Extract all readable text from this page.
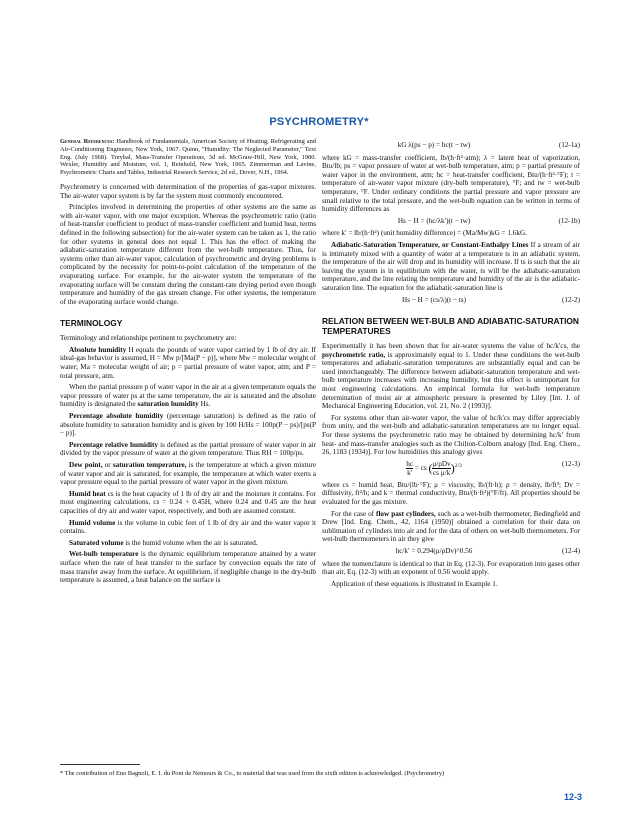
PSYCHROMETRY*

General References: Handbook of Fundamentals, American Society of Heating, Refrigerating and Air-Conditioning Engineers, New York, 1967. Quinn, "Humidity: The Neglected Parameter," Text Eng. (July 1968). Treybal, Mass-Transfer Operations, 3d ed. McGraw-Hill, New York, 1980. Wexler, Humidity and Moisture, vol. 1, Reinhold, New York, 1965. Zimmerman and Lavine, Psychrometric Charts and Tables, Industrial Research Service, 2d ed., Dover, N.H., 1964.

Psychrometry is concerned with determination of the properties of gas-vapor mixtures. The air-water vapor system is by far the system most commonly encountered.

Principles involved in determining the properties of other systems are the same as with air-water vapor, with one major exception. Whereas the psychrometric ratio (ratio of heat-transfer coefficient to product of mass-transfer coefficient and humid heat, terms defined in the following subsection) for the air-water system can be taken as 1, the ratio for other systems in general does not equal 1. This has the effect of making the adiabatic-saturation temperature different from the wet-bulb temperature. Thus, for systems other than air-water vapor, calculation of psychrometric and drying problems is complicated by the necessity for point-to-point calculation of the temperature of the evaporating surface. For example, for the air-water system the temperature of the evaporating surface will be constant during the constant-rate drying period even though temperature and humidity of the gas stream change. For other systems, the temperature of the evaporating surface would change.

TERMINOLOGY

Terminology and relationships pertinent to psychrometry are:

Absolute humidity H equals the pounds of water vapor carried by 1 lb of dry air. If ideal-gas behavior is assumed, H = Mw p/[Ma(P − p)], where Mw = molecular weight of water; Ma = molecular weight of air; p = partial pressure of water vapor, atm; and P = total pressure, atm.

When the partial pressure p of water vapor in the air at a given temperature equals the vapor pressure of water ps at the same temperature, the air is saturated and the absolute humidity is designated the saturation humidity Hs.

Percentage absolute humidity (percentage saturation) is defined as the ratio of absolute humidity to saturation humidity and is given by 100 H/Hs = 100p(P − ps)/[ps(P − p)].

Percentage relative humidity is defined as the partial pressure of water vapor in air divided by the vapor pressure of water at the given temperature. Thus RH = 100p/ps.

Dew point, or saturation temperature, is the temperature at which a given mixture of water vapor and air is saturated, for example, the temperature at which water exerts a vapor pressure equal to the partial pressure of water vapor in the given mixture.

Humid heat cs is the heat capacity of 1 lb of dry air and the moisture it contains. For most engineering calculations, cs = 0.24 + 0.45H, where 0.24 and 0.45 are the heat capacities of dry air and water vapor, respectively, and both are assumed constant.

Humid volume is the volume in cubic feet of 1 lb of dry air and the water vapor it contains.

Saturated volume is the humid volume when the air is saturated.

Wet-bulb temperature is the dynamic equilibrium temperature attained by a water surface when the rate of heat transfer to the surface by convection equals the rate of mass transfer away from the surface. At equilibrium, if negligible change in the dry-bulb temperature is assumed, a heat balance on the surface is

kG λ(ps − p) = hc(t − tw)	(12-1a)

where kG = mass-transfer coefficient, lb/(h·ft²·atm); λ = latent heat of vaporization, Btu/lb; ps = vapor pressure of water at wet-bulb temperature, atm; p = partial pressure of water vapor in the environment, atm; hc = heat-transfer coefficient, Btu/(h·ft²·°F); t = temperature of air-water vapor mixture (dry-bulb temperature), °F; and tw = wet-bulb temperature, °F. Under ordinary conditions the partial pressure and vapor pressure are small relative to the total pressure, and the wet-bulb equation can be written in terms of humidity differences as

Hs − H = (hc/λk′)(t − tw)	(12-1b)

where k′ = lb/(h·ft²) (unit humidity difference) = (Ma/Mw)kG = 1.6kG.

Adiabatic-Saturation Temperature, or Constant-Enthalpy Lines If a stream of air is intimately mixed with a quantity of water at a temperature ts in an adiabatic system, the temperature of the air will drop and its humidity will increase. If ts is such that the air leaving the system is in equilibrium with the water, ts will be the adiabatic-saturation temperature, and the line relating the temperature and humidity of the air is the adiabatic-saturation line. The equation for the adiabatic-saturation line is

Hs − H = (cs/λ)(t − ts)	(12-2)
RELATION BETWEEN WET-BULB AND ADIABATIC-SATURATION TEMPERATURES

Experimentally it has been shown that for air-water systems the value of hc/k′cs, the psychrometric ratio, is approximately equal to 1. Under these conditions the wet-bulb temperatures and adiabatic-saturation temperatures are substantially equal and can be used interchangeably. The difference between adiabatic-saturation temperature and wet-bulb temperature increases with increasing humidity, but this effect is unimportant for most engineering calculations. An empirical formula for wet-bulb temperature determination of moist air at atmospheric pressure is presented by Liley [Int. J. of Mechanical Engineering Education, vol. 21, No. 2 (1993)].

For systems other than air-water vapor, the value of hc/k′cs may differ appreciably from unity, and the wet-bulb and adiabatic-saturation temperatures are no longer equal. For these systems the psychrometric ratio may be obtained by determining hc/k′ from heat- and mass-transfer analogies such as the Chilton-Colburn analogy [Ind. Eng. Chem., 26, 1183 (1934)]. For low humidities this analogy gives

$\frac{hc}{k'}$ = cs ( $\frac{\text{μ/ρDv}}{\text{cs μ/k}} )^{2/3}$	(12-3)

where cs = humid heat, Btu/(lb·°F); μ = viscosity, lb/(ft·h); ρ = density, lb/ft³; Dv = diffusivity, ft²/h; and k = thermal conductivity, Btu/(h·ft²)(°F/ft). All properties should be evaluated for the gas mixture.

For the case of flow past cylinders, such as a wet-bulb thermometer, Bedingfield and Drew [Ind. Eng. Chem., 42, 1164 (1950)] obtained a correlation for their data on sublimation of cylinders into air and for the data of others on wet-bulb thermometers. For wet-bulb thermometers in air they give

hc/k′ = 0.294(μ/ρDv)^0.56	(12-4)

where the nomenclature is identical to that in Eq. (12-3). For evaporation into gases other than air, Eq. (12-3) with an exponent of 0.56 would apply.

Application of these equations is illustrated in Example 1.

* The contribution of Eno Bagnoli, E. I. du Pont de Nemours & Co., to material that was used from the sixth edition is acknowledged. (Psychrometry)
12-3
